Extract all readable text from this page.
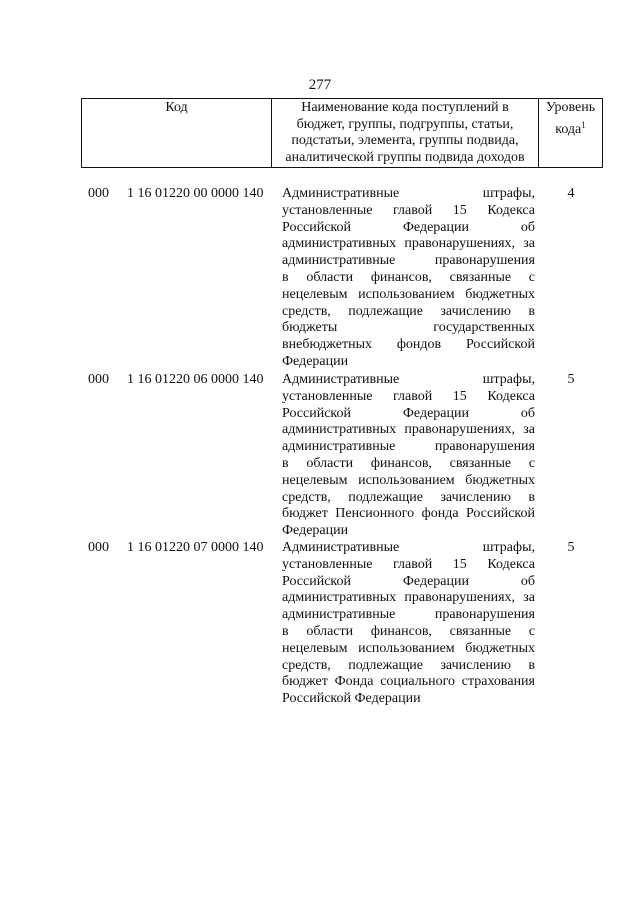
277
Код	Наименование кода поступлений в
бюджет, группы, подгруппы, статьи,
подстатьи, элемента, группы подвида,
аналитической группы подвида доходов
Уровень
кода$^1$
000 1 16 01220 00 0000 140 Административные штрафы,
установленные главой 15 Кодекса
Российской Федерации об
административных правонарушениях, за
административные правонарушения
в области финансов, связанные с
нецелевым использованием бюджетных
средств, подлежащие зачислению в
бюджеты государственных
внебюджетных фондов Российской
Федерации
4
000 1 16 01220 06 0000 140 Административные штрафы,
установленные главой 15 Кодекса
Российской Федерации об
административных правонарушениях, за
административные правонарушения
в области финансов, связанные с
нецелевым использованием бюджетных
средств, подлежащие зачислению в
бюджет Пенсионного фонда Российской
Федерации
5
000 1 16 01220 07 0000 140 Административные штрафы,
установленные главой 15 Кодекса
Российской Федерации об
административных правонарушениях, за
административные правонарушения
в области финансов, связанные с
нецелевым использованием бюджетных
средств, подлежащие зачислению в
бюджет Фонда социального страхования
Российской Федерации
5
